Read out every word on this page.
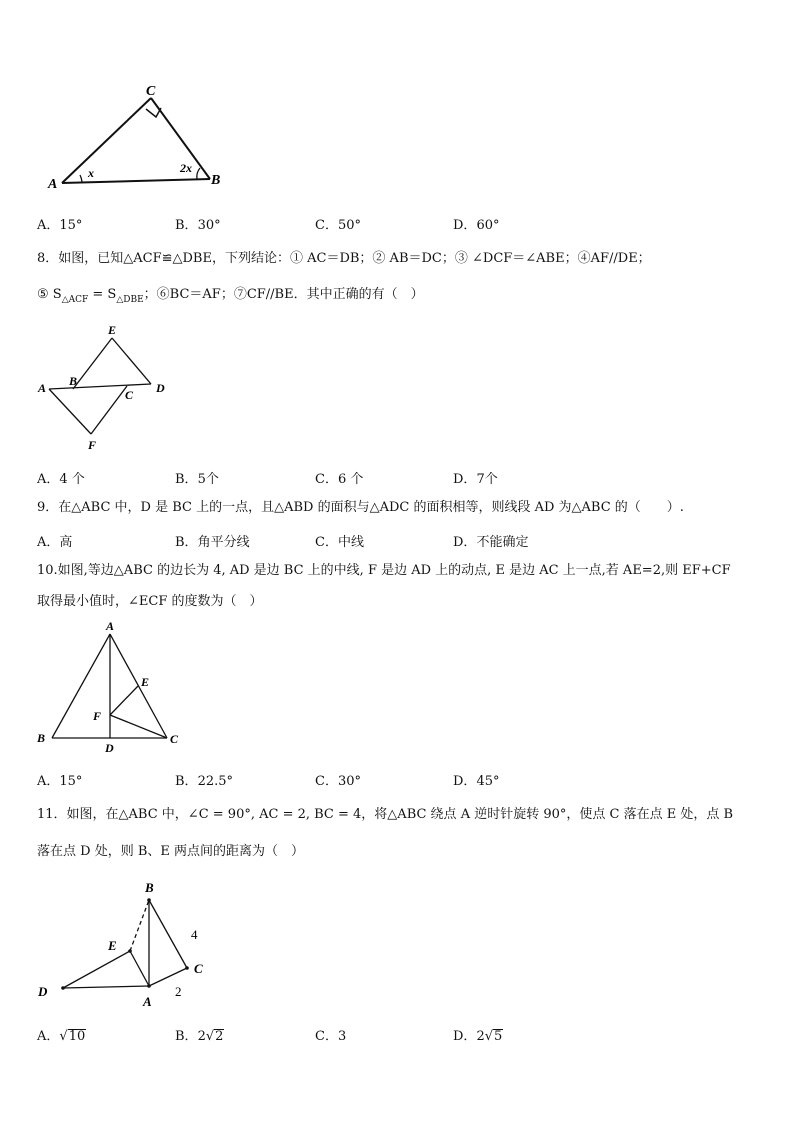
C
A	B
x	2x
A．15°	B．30°	C．50°	D．60°
8．如图，已知△ACF≌△DBE，下列结论：① AC＝DB；② AB＝DC；③ ∠DCF＝∠ABE；④AF//DE；
⑤ $S_{\triangle ACF} = S_{\triangle DBE}$；⑥BC＝AF；⑦CF//BE．其中正确的有（　）
E
A B
C D
F
A．4 个	B．5个	C．6 个	D．7个
9．在△ABC 中，D 是 BC 上的一点，且△ABD 的面积与△ADC 的面积相等，则线段 AD 为△ABC 的（　　）.
A．高	B．角平分线	C．中线	D．不能确定
10.如图,等边△ABC 的边长为 4, AD 是边 BC 上的中线, F 是边 AD 上的动点, E 是边 AC 上一点,若 AE=2,则 EF+CF
取得最小值时，∠ECF 的度数为（　）
A
E
F
B
D
C
A．15°	B．22.5°	C．30°	D．45°
11．如图，在△ABC 中，∠C = 90°, AC = 2, BC = 4，将△ABC 绕点 A 逆时针旋转 90°，使点 C 落在点 E 处，点 B
落在点 D 处，则 B、E 两点间的距离为（　）
B
E
D
A
C
4
2
A．√10	B．2√2	C．3	D．2√5
